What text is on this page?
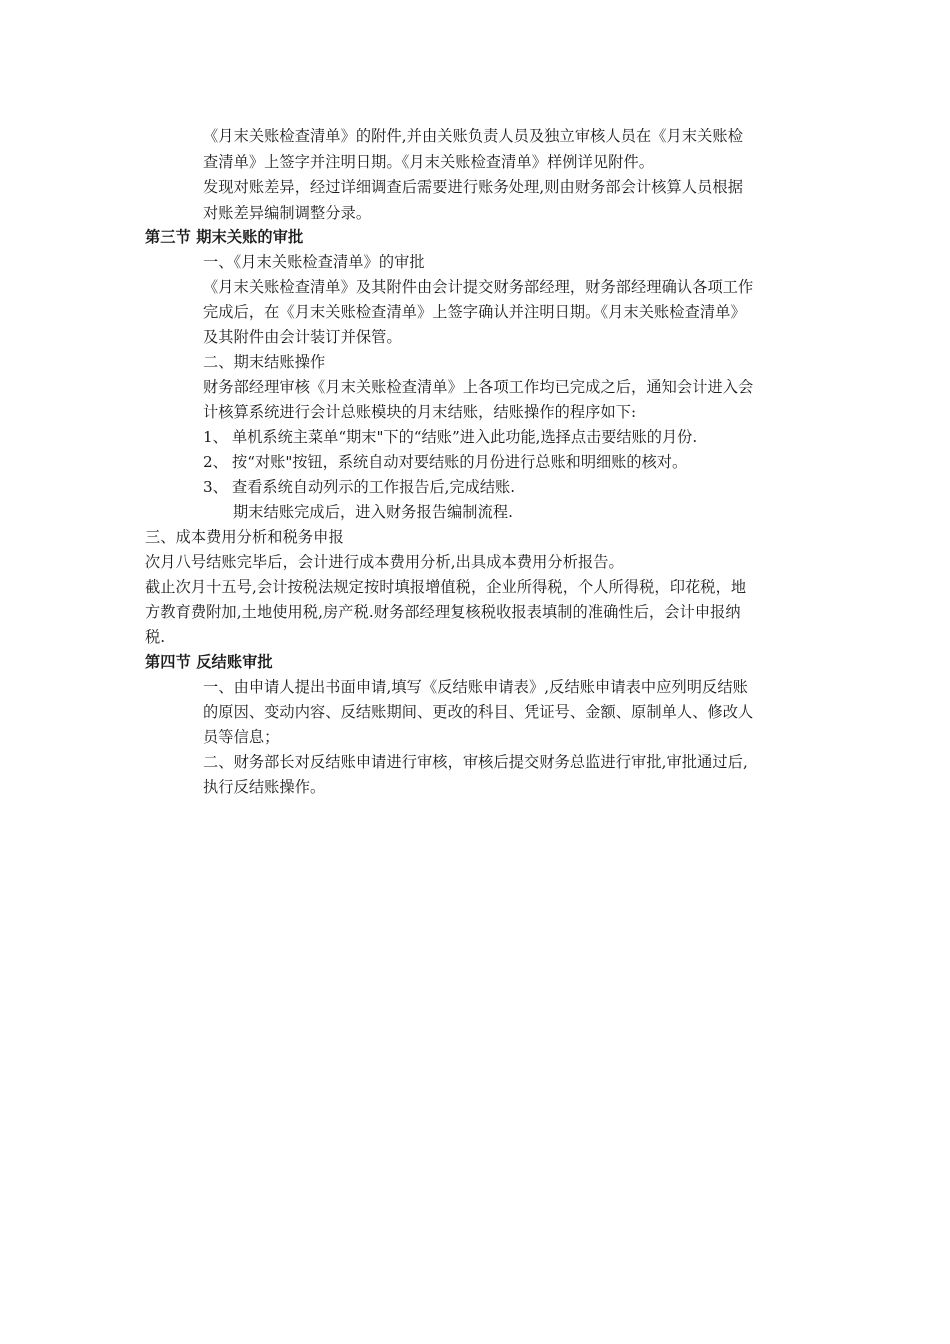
《月末关账检查清单》的附件,并由关账负责人员及独立审核人员在《月末关账检
查清单》上签字并注明日期。《月末关账检查清单》样例详见附件。
发现对账差异，经过详细调查后需要进行账务处理,则由财务部会计核算人员根据
对账差异编制调整分录。
第三节 期末关账的审批
一、《月末关账检查清单》的审批
《月末关账检查清单》及其附件由会计提交财务部经理，财务部经理确认各项工作
完成后，在《月末关账检查清单》上签字确认并注明日期。《月末关账检查清单》
及其附件由会计装订并保管。
二、期末结账操作
财务部经理审核《月末关账检查清单》上各项工作均已完成之后，通知会计进入会
计核算系统进行会计总账模块的月末结账，结账操作的程序如下:
1、 单机系统主菜单“期末"下的“结账”进入此功能,选择点击要结账的月份.
2、 按“对账"按钮，系统自动对要结账的月份进行总账和明细账的核对。
3、 查看系统自动列示的工作报告后,完成结账.
期末结账完成后，进入财务报告编制流程.
三、成本费用分析和税务申报
次月八号结账完毕后，会计进行成本费用分析,出具成本费用分析报告。
截止次月十五号,会计按税法规定按时填报增值税，企业所得税，个人所得税，印花税，地
方教育费附加,土地使用税,房产税.财务部经理复核税收报表填制的准确性后，会计申报纳
税.
第四节 反结账审批
一、由申请人提出书面申请,填写《反结账申请表》,反结账申请表中应列明反结账
的原因、变动内容、反结账期间、更改的科目、凭证号、金额、原制单人、修改人
员等信息；
二、财务部长对反结账申请进行审核，审核后提交财务总监进行审批,审批通过后,
执行反结账操作。
